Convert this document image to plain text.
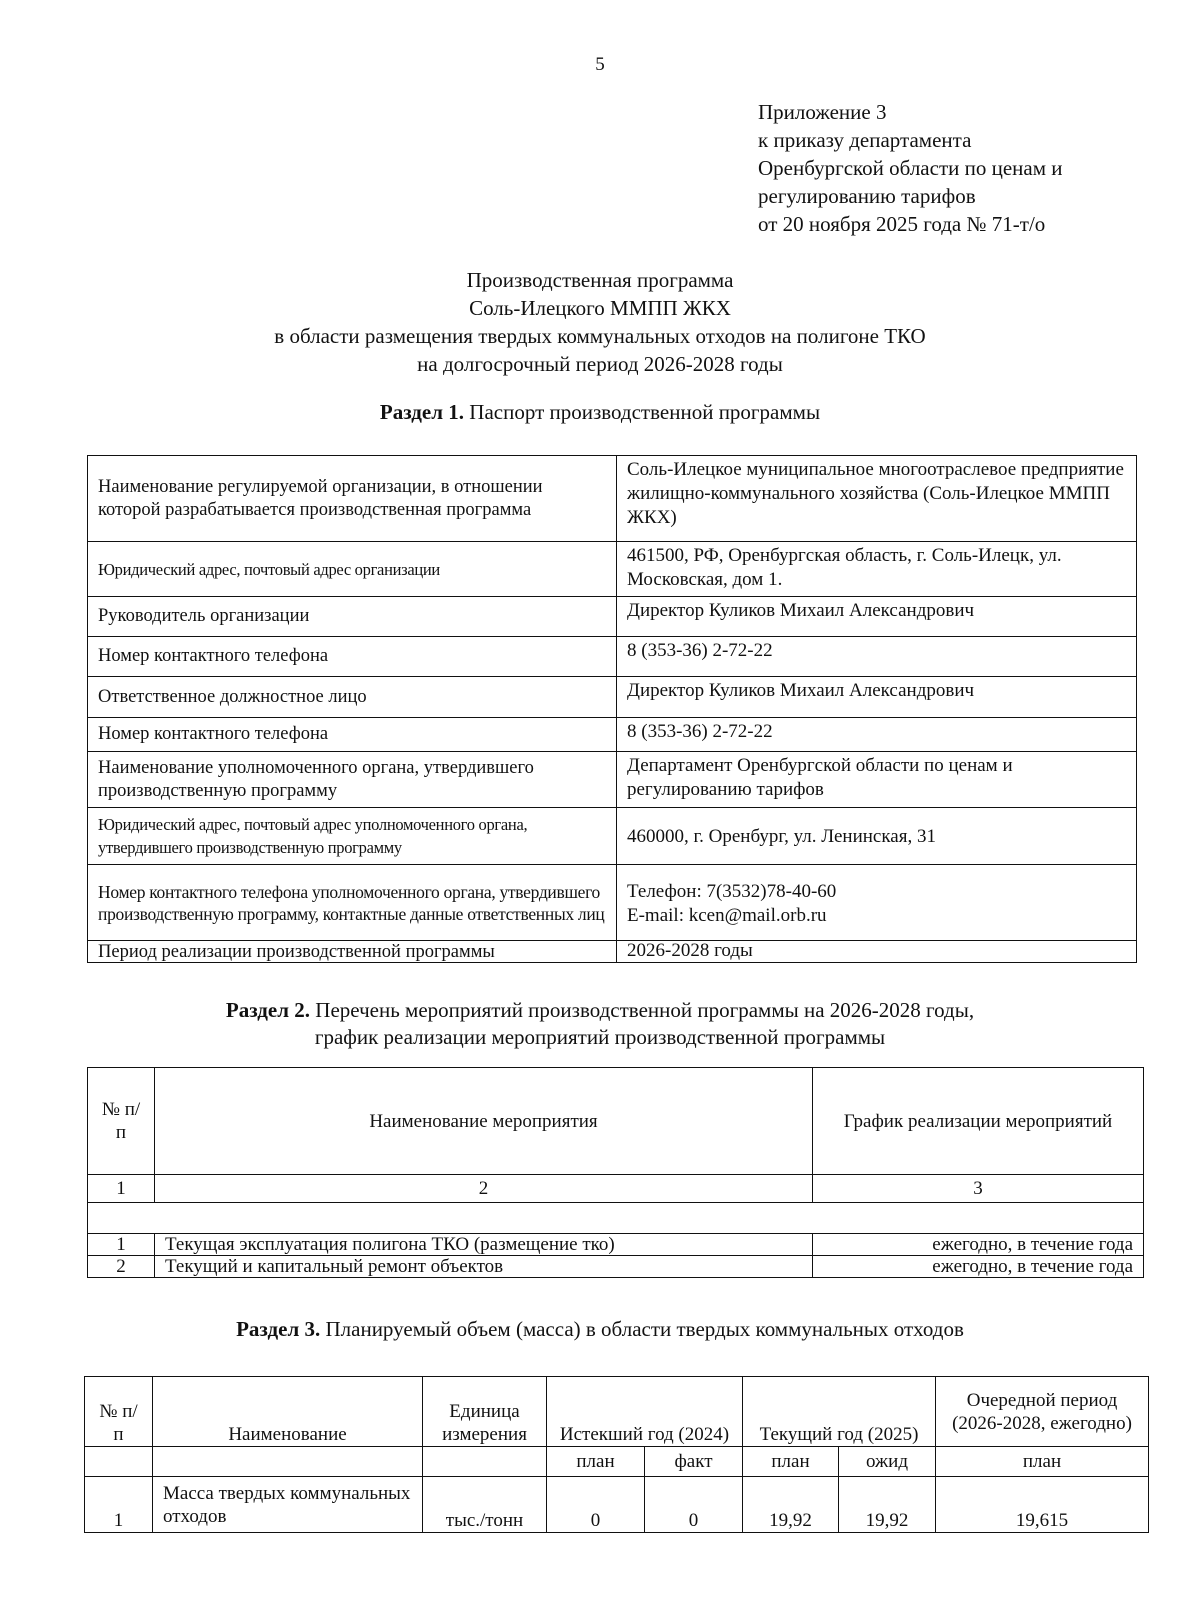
5
Приложение 3
к приказу департамента
Оренбургской области по ценам и
регулированию тарифов
от 20 ноября 2025 года № 71-т/о
Производственная программа
Соль-Илецкого ММПП ЖКХ
в области размещения твердых коммунальных отходов на полигоне ТКО
на долгосрочный период 2026-2028 годы
Раздел 1. Паспорт производственной программы
Наименование регулируемой организации, в отношении которой разрабатывается производственная программа	Соль-Илецкое муниципальное многоотраслевое предприятие жилищно-коммунального хозяйства (Соль-Илецкое ММПП ЖКХ)
Юридический адрес, почтовый адрес организации	461500, РФ, Оренбургская область, г. Соль-Илецк, ул. Московская, дом 1.
Руководитель организации	Директор Куликов Михаил Александрович
Номер контактного телефона	8 (353-36) 2-72-22
Ответственное должностное лицо	Директор Куликов Михаил Александрович
Номер контактного телефона	8 (353-36) 2-72-22
Наименование уполномоченного органа, утвердившего производственную программу	Департамент Оренбургской области по ценам и регулированию тарифов
Юридический адрес, почтовый адрес уполномоченного органа, утвердившего производственную программу	460000, г. Оренбург, ул. Ленинская, 31
Номер контактного телефона уполномоченного органа, утвердившего производственную программу, контактные данные ответственных лиц	Телефон: 7(3532)78-40-60
E-mail: kcen@mail.orb.ru

Период реализации производственной программы	2026-2028 годы
Раздел 2. Перечень мероприятий производственной программы на 2026-2028 годы,
график реализации мероприятий производственной программы
№ п/п	Наименование мероприятия	График реализации мероприятий
1	2	3

1	Текущая эксплуатация полигона ТКО (размещение тко)	ежегодно, в течение года
2	Текущий и капитальный ремонт объектов	ежегодно, в течение года
Раздел 3. Планируемый объем (масса) в области твердых коммунальных отходов
№ п/п	Наименование	Единица измерения	Истекший год (2024)		Текущий год (2025)		Очередной период (2026-2028, ежегодно)
			план	факт	план	ожид	план
1	Масса твердых коммунальных отходов	тыс./тонн	0	0	19,92	19,92	19,615
